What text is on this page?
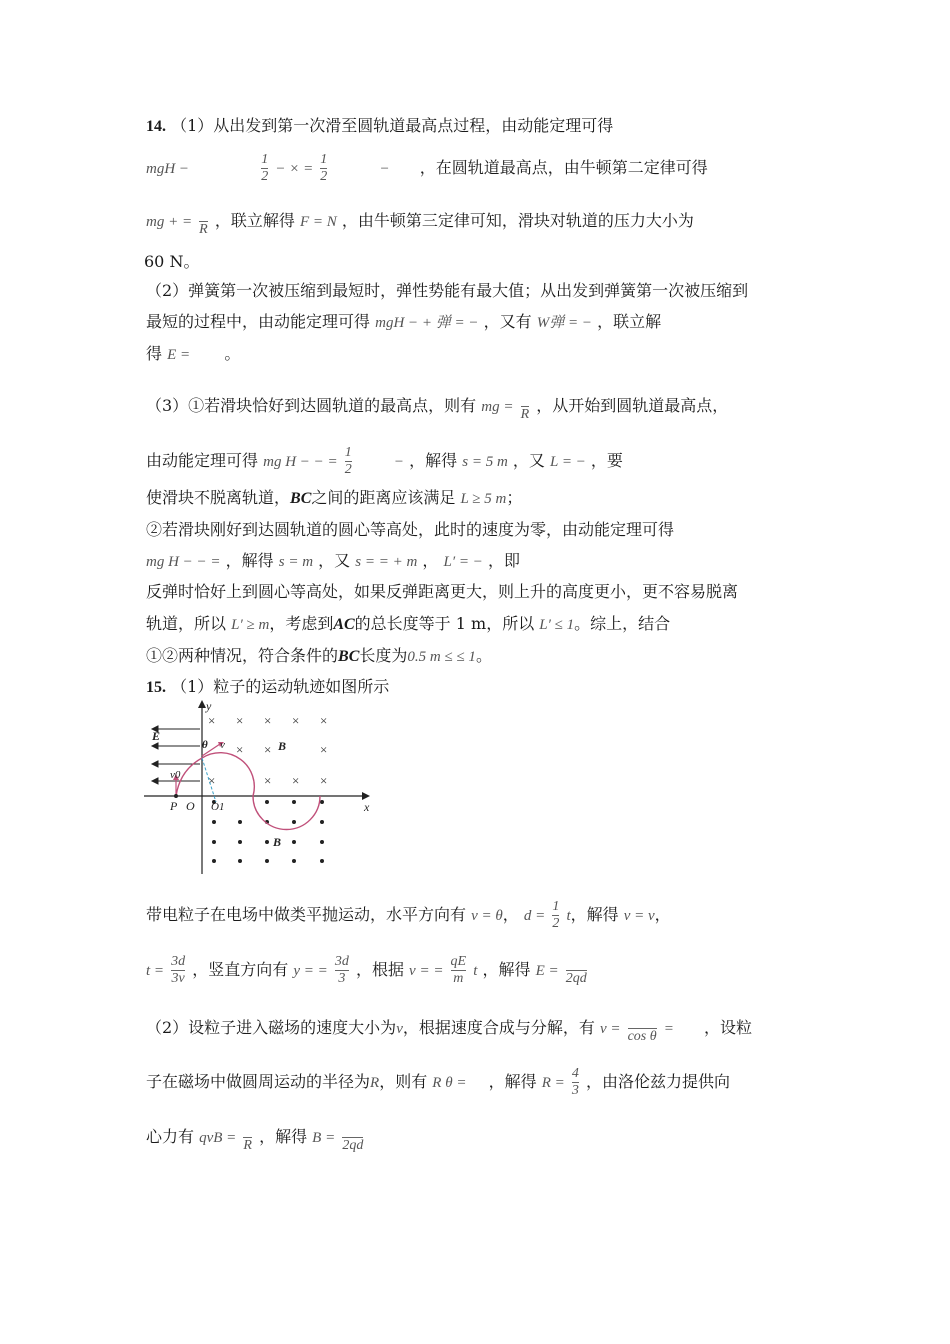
14. （1）从出发到第一次滑至圆轨道最高点过程，由动能定理可得
mgH −	$\frac{1}{2}$ − × = $\frac{1}{2}$	− ，在圆轨道最高点，由牛顿第二定律可得
mg + =
R ，联立解得 F = N ，由牛顿第三定律可知，滑块对轨道的压力大小为
60 N。
（2）弹簧第一次被压缩到最短时，弹性势能有最大值；从出发到弹簧第一次被压缩到
最短的过程中，由动能定理可得 mgH − + 弹 = − ，又有 W弹 = − ，联立解
得 E = 。
（3）①若滑块恰好到达圆轨道的最高点，则有 mg =
R ，从开始到圆轨道最高点，
由动能定理可得 mg H − − = $\frac{1}{2}$	− ，解得 s = 5 m ，又 L = − ，要
使滑块不脱离轨道，BC之间的距离应该满足 L ≥ 5 m；
②若滑块刚好到达圆轨道的圆心等高处，此时的速度为零，由动能定理可得
mg H − − = ，解得 s = m ，又 s = = + m ， L′ = − ，即
反弹时恰好上到圆心等高处，如果反弹距离更大，则上升的高度更小，更不容易脱离
轨道，所以 L′ ≥ m，考虑到AC的总长度等于 1 m，所以 L′ ≤ 1。综上，结合
①②两种情况，符合条件的BC长度为0.5 m ≤ ≤ 1。
15. （1）粒子的运动轨迹如图所示
y
x
E
× × × × ×
× ×	×
×	× × ×
B
B
θ v
v0
P O O1
带电粒子在电场中做类平抛运动，水平方向有 v = θ， $d = \frac{1}{2}$ t，解得 v = v，
$t = \frac{3d}{3v}$ ，竖直方向有 y = = $\frac{3d}{3}$ ，根据 v = = $\frac{qE}{m}$ t ，解得 E =
2qd
（2）设粒子进入磁场的速度大小为v，根据速度合成与分解，有 v =
cos θ = ，设粒
子在磁场中做圆周运动的半径为R，则有 R θ = ，解得 $R = \frac{4}{3}$ ，由洛伦兹力提供向
心力有 qvB =
R ，解得 B =
2qd
